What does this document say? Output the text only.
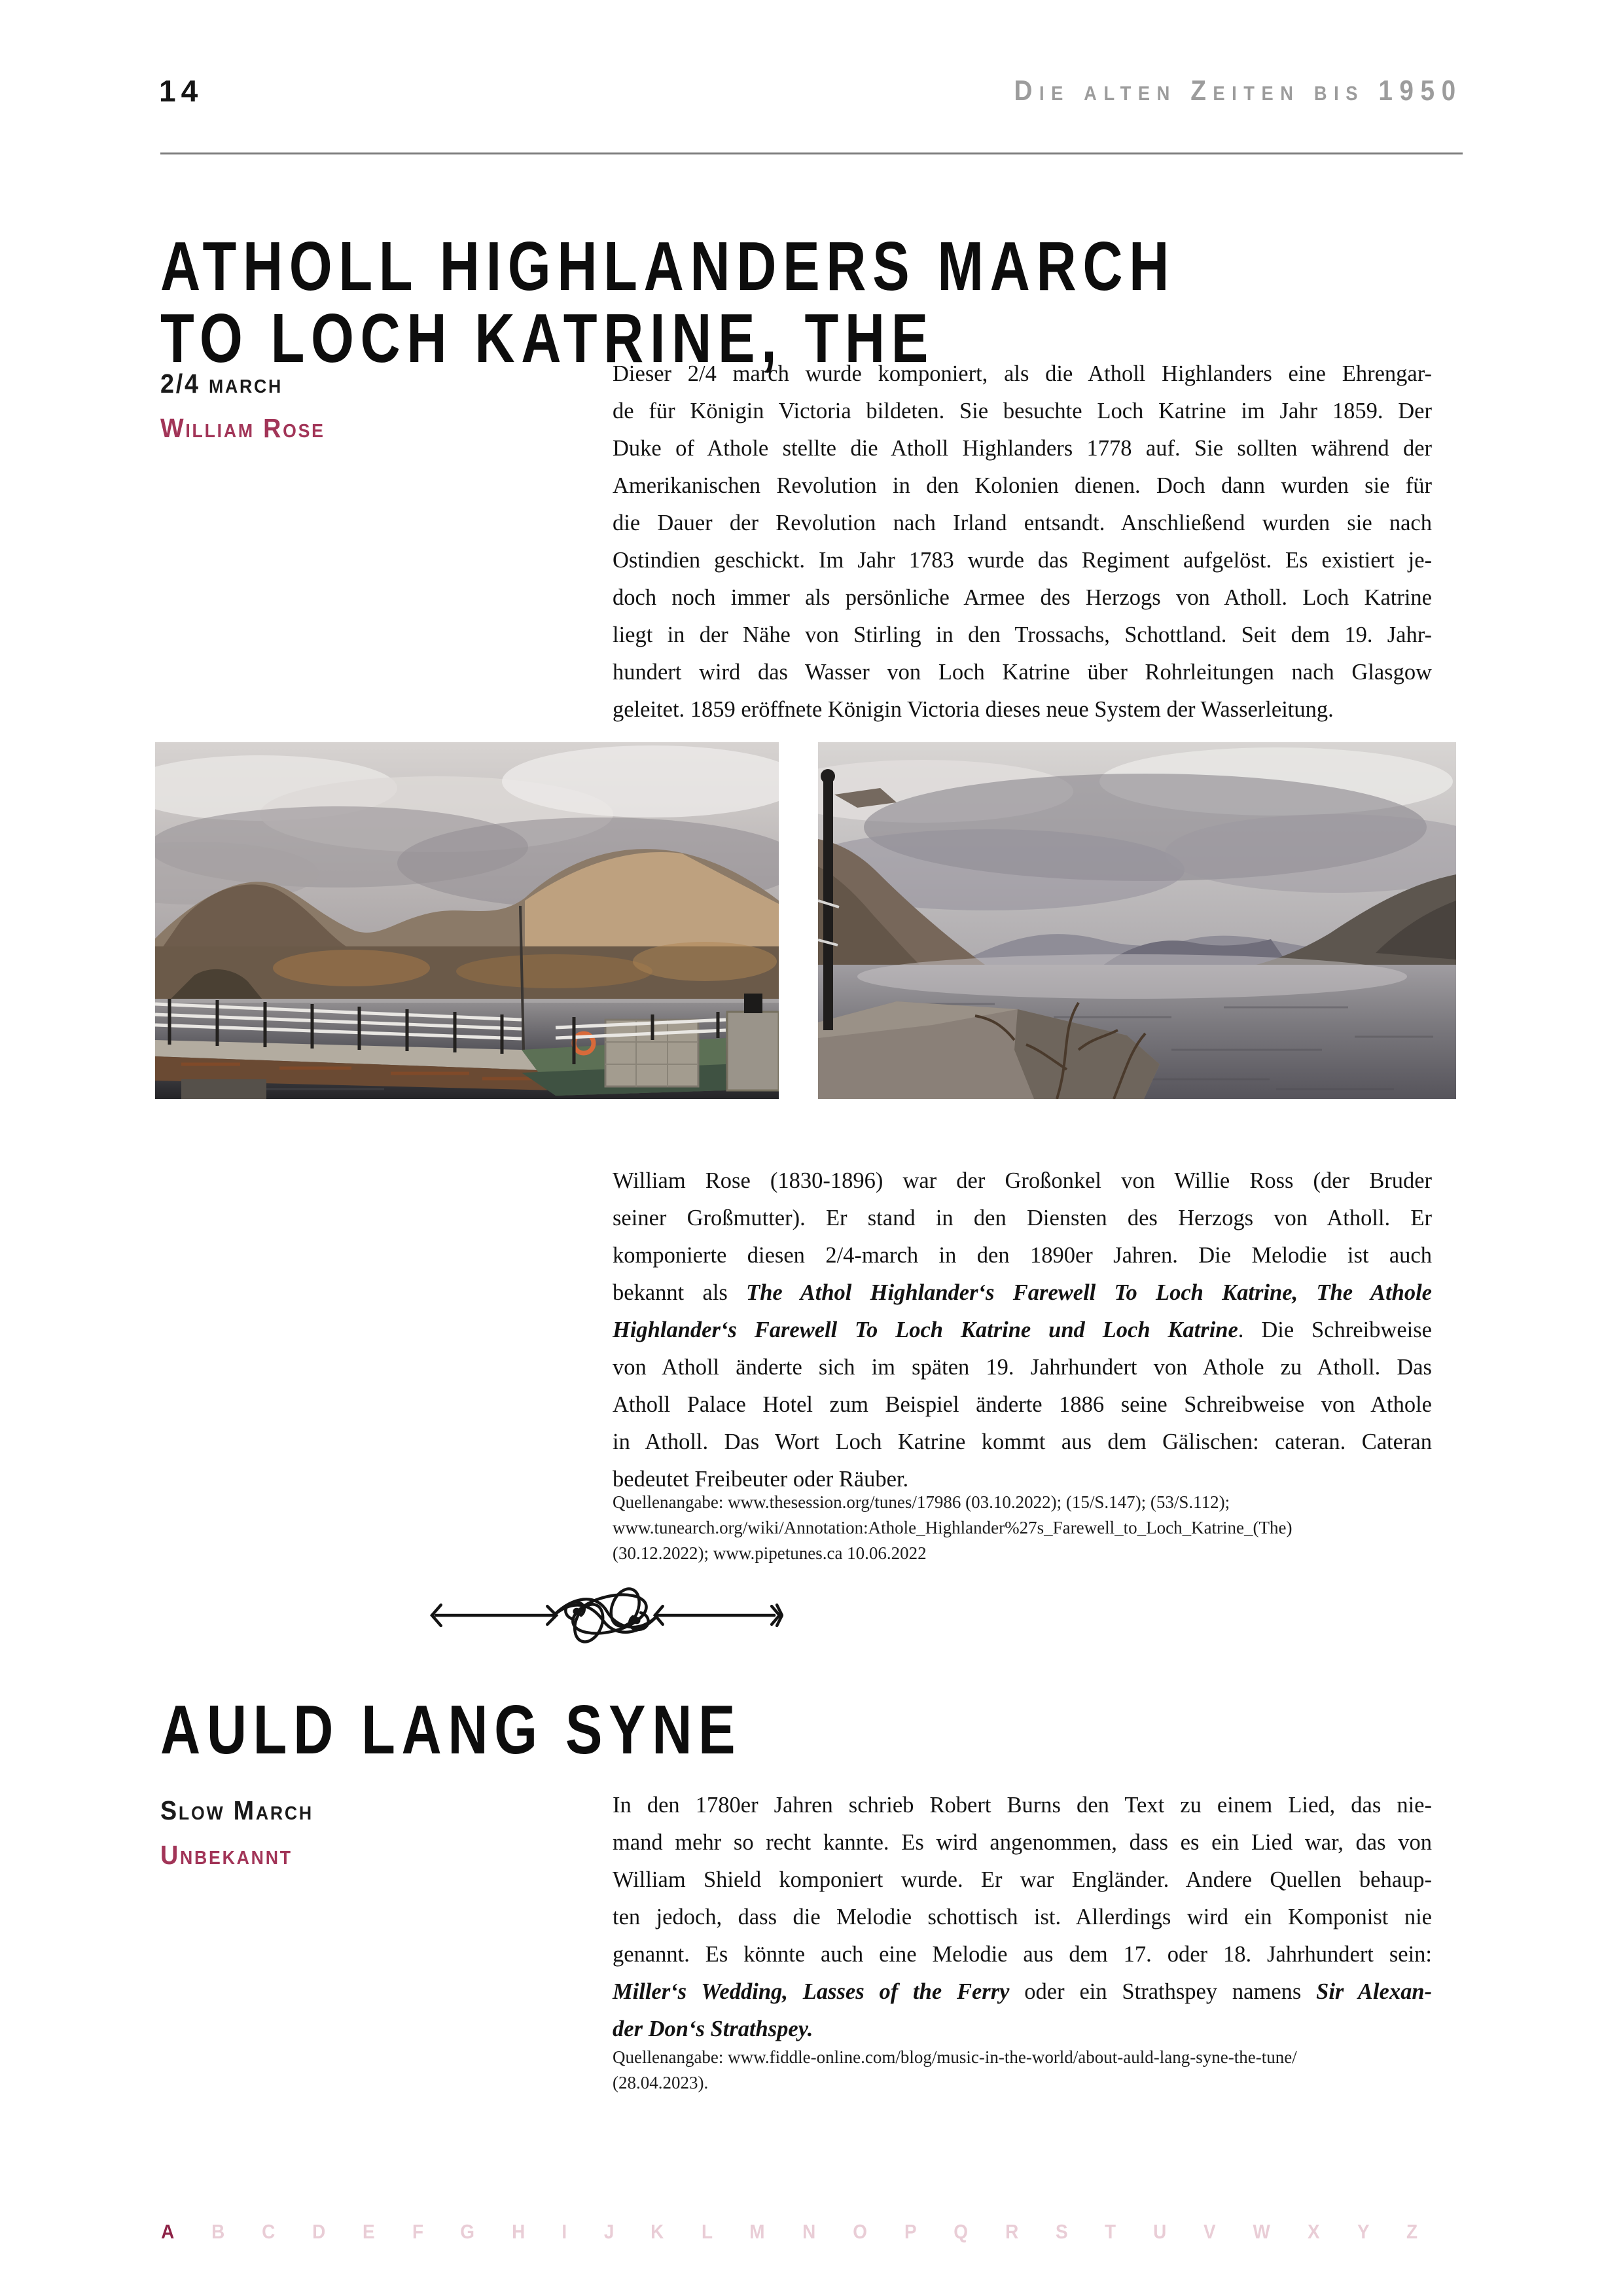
14	Die alten Zeiten bis 1950
ATHOLL HIGHLANDERS MARCH
TO LOCH KATRINE, THE
2/4 march
William Rose
Dieser 2/4 march wurde komponiert, als die Atholl Highlanders eine Ehrengar-
de für Königin Victoria bildeten. Sie besuchte Loch Katrine im Jahr 1859. Der
Duke of Athole stellte die Atholl Highlanders 1778 auf. Sie sollten während der
Amerikanischen Revolution in den Kolonien dienen. Doch dann wurden sie für
die Dauer der Revolution nach Irland entsandt. Anschließend wurden sie nach
Ostindien geschickt. Im Jahr 1783 wurde das Regiment aufgelöst. Es existiert je-
doch noch immer als persönliche Armee des Herzogs von Atholl. Loch Katrine
liegt in der Nähe von Stirling in den Trossachs, Schottland. Seit dem 19. Jahr-
hundert wird das Wasser von Loch Katrine über Rohrleitungen nach Glasgow
geleitet. 1859 eröffnete Königin Victoria dieses neue System der Wasserleitung.
William Rose (1830-1896) war der Großonkel von Willie Ross (der Bruder
seiner Großmutter). Er stand in den Diensten des Herzogs von Atholl. Er
komponierte diesen 2/4-march in den 1890er Jahren. Die Melodie ist auch
bekannt als The Athol Highlander‘s Farewell To Loch Katrine, The Athole
Highlander‘s Farewell To Loch Katrine und Loch Katrine. Die Schreibweise
von Atholl änderte sich im späten 19. Jahrhundert von Athole zu Atholl. Das
Atholl Palace Hotel zum Beispiel änderte 1886 seine Schreibweise von Athole
in Atholl. Das Wort Loch Katrine kommt aus dem Gälischen: cateran. Cateran
bedeutet Freibeuter oder Räuber.
Quellenangabe: www.thesession.org/tunes/17986 (03.10.2022); (15/S.147); (53/S.112);
www.tunearch.org/wiki/Annotation:Athole_Highlander%27s_Farewell_to_Loch_Katrine_(The)
(30.12.2022); www.pipetunes.ca 10.06.2022
AULD LANG SYNE
Slow March
Unbekannt
In den 1780er Jahren schrieb Robert Burns den Text zu einem Lied, das nie-
mand mehr so recht kannte. Es wird angenommen, dass es ein Lied war, das von
William Shield komponiert wurde. Er war Engländer. Andere Quellen behaup-
ten jedoch, dass die Melodie schottisch ist. Allerdings wird ein Komponist nie
genannt. Es könnte auch eine Melodie aus dem 17. oder 18. Jahrhundert sein:
Miller‘s Wedding, Lasses of the Ferry oder ein Strathspey namens Sir Alexan-
der Don‘s Strathspey.
Quellenangabe: www.fiddle-online.com/blog/music-in-the-world/about-auld-lang-syne-the-tune/
(28.04.2023).
A B C D E F G H I J K L M N O P Q R S T U V W X Y Z
